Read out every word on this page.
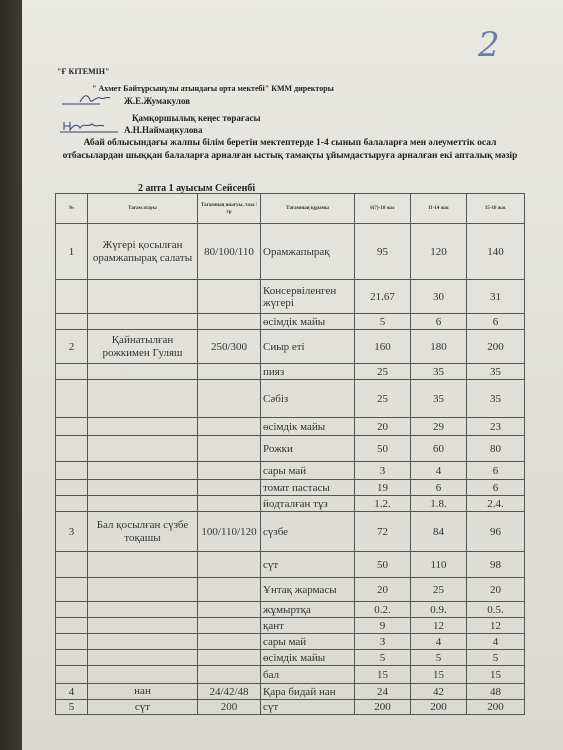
2
"Ғ КІТЕМІН"
" Ахмет Байтұрсынұлы атындағы орта мектебі" КММ директоры
Ж.Е.Жумакулов
Қамқоршылық кеңес төрағасы
А.Н.Наймаңкулова
Абай облысындағы жалпы білім беретін мектептерде 1-4 сынып балаларға мен әлеуметтік осал отбасылардан шыққан балаларға арналған ыстық тамақты ұйымдастыруға арналған екі апталық мәзір
2 апта 1 ауысым Сейсенбі
№	Тағам атауы	Тағамның шығуы, таза / гр	Тағамның құрамы	6(7)-10 жас	11-14 жас	15-18 жас
1	Жүгері қосылған орамжапырақ салаты	80/100/110	Орамжапырақ	95	120	140
			Консервіленген жүгері	21.67	30	31
			өсімдік майы	5	6	6
2	Қайнатылған рожкимен Гуляш	250/300	Сиыр еті	160	180	200
			пияз	25	35	35
			Сәбіз	25	35	35
			өсімдік майы	20	29	23
			Рожки	50	60	80
			сары май	3	4	6
			томат пастасы	19	6	6
			йодталған тұз	1.2.	1.8.	2.4.
3	Бал қосылған сүзбе тоқашы	100/110/120	сүзбе	72	84	96
			сүт	50	110	98
			Ұнтақ жармасы	20	25	20
			жұмыртқа	0.2.	0.9.	0.5.
			қант	9	12	12
			сары май	3	4	4
			өсімдік майы	5	5	5
			бал	15	15	15
4	нан	24/42/48	Қара бидай нан	24	42	48
5	сүт	200	сүт	200	200	200
